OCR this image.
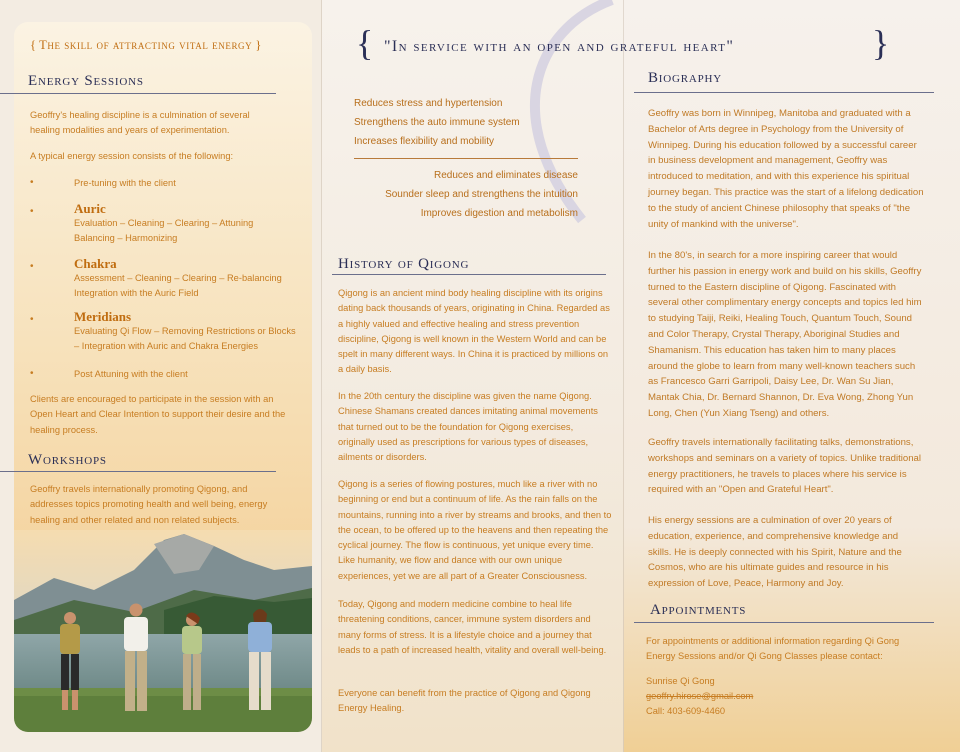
{ The skill of attracting vital energy }
Energy Sessions
Geoffry's healing discipline is a culmination of several healing modalities and years of experimentation.
A typical energy session consists of the following:
•	Pre-tuning with the client
•	Auric
Evaluation – Cleaning – Clearing – Attuning Balancing – Harmonizing
•	Chakra
Assessment – Cleaning – Clearing – Re-balancing Integration with the Auric Field
•	Meridians
Evaluating Qi Flow – Removing Restrictions or Blocks – Integration with Auric and Chakra Energies
•	Post Attuning with the client
Clients are encouraged to participate in the session with an Open Heart and Clear Intention to support their desire and the healing process.
Workshops
Geoffry travels internationally promoting Qigong, and addresses topics promoting health and well being, energy healing and other related and non related subjects.
Reduces stress and hypertension
Strengthens the auto immune system
Increases flexibility and mobility
Reduces and eliminates disease
Sounder sleep and strengthens the intuition
Improves digestion and metabolism
History of Qigong
Qigong is an ancient mind body healing discipline with its origins dating back thousands of years, originating in China. Regarded as a highly valued and effective healing and stress prevention discipline, Qigong is well known in the Western World and can be spelt in many different ways. In China it is practiced by millions on a daily basis.
In the 20th century the discipline was given the name Qigong. Chinese Shamans created dances imitating animal movements that turned out to be the foundation for Qigong exercises, originally used as prescriptions for various types of diseases, ailments or disorders.
Qigong is a series of flowing postures, much like a river with no beginning or end but a continuum of life. As the rain falls on the mountains, running into a river by streams and brooks, and then to the ocean, to be offered up to the heavens and then repeating the cyclical journey. The flow is continuous, yet unique every time. Like humanity, we flow and dance with our own unique experiences, yet we are all part of a Greater Consciousness.
Today, Qigong and modern medicine combine to heal life threatening conditions, cancer, immune system disorders and many forms of stress. It is a lifestyle choice and a journey that leads to a path of increased health, vitality and overall well-being.
Everyone can benefit from the practice of Qigong and Qigong Energy Healing.
Biography
Geoffry was born in Winnipeg, Manitoba and graduated with a Bachelor of Arts degree in Psychology from the University of Winnipeg. During his education followed by a successful career in business development and management, Geoffry was introduced to meditation, and with this experience his spiritual journey began. This practice was the start of a lifelong dedication to the study of ancient Chinese philosophy that speaks of "the unity of mankind with the universe".
In the 80's, in search for a more inspiring career that would further his passion in energy work and build on his skills, Geoffry turned to the Eastern discipline of Qigong. Fascinated with several other complimentary energy concepts and topics led him to studying Taiji, Reiki, Healing Touch, Quantum Touch, Sound and Color Therapy, Crystal Therapy, Aboriginal Studies and Shamanism. This education has taken him to many places around the globe to learn from many well-known teachers such as Francesco Garri Garripoli, Daisy Lee, Dr. Wan Su Jian, Mantak Chia, Dr. Bernard Shannon, Dr. Eva Wong, Zhong Yun Long, Chen (Yun Xiang Tseng) and others.
Geoffry travels internationally facilitating talks, demonstrations, workshops and seminars on a variety of topics. Unlike traditional energy practitioners, he travels to places where his service is required with an "Open and Grateful Heart".
His energy sessions are a culmination of over 20 years of education, experience, and comprehensive knowledge and skills. He is deeply connected with his Spirit, Nature and the Cosmos, who are his ultimate guides and resource in his expression of Love, Peace, Harmony and Joy.
Appointments
For appointments or additional information regarding Qi Gong Energy Sessions and/or Qi Gong Classes please contact:
Sunrise Qi Gong
geoffry.hirose@gmail.com
Call: 403-609-4460
{ "In service with an open and grateful heart"	}
